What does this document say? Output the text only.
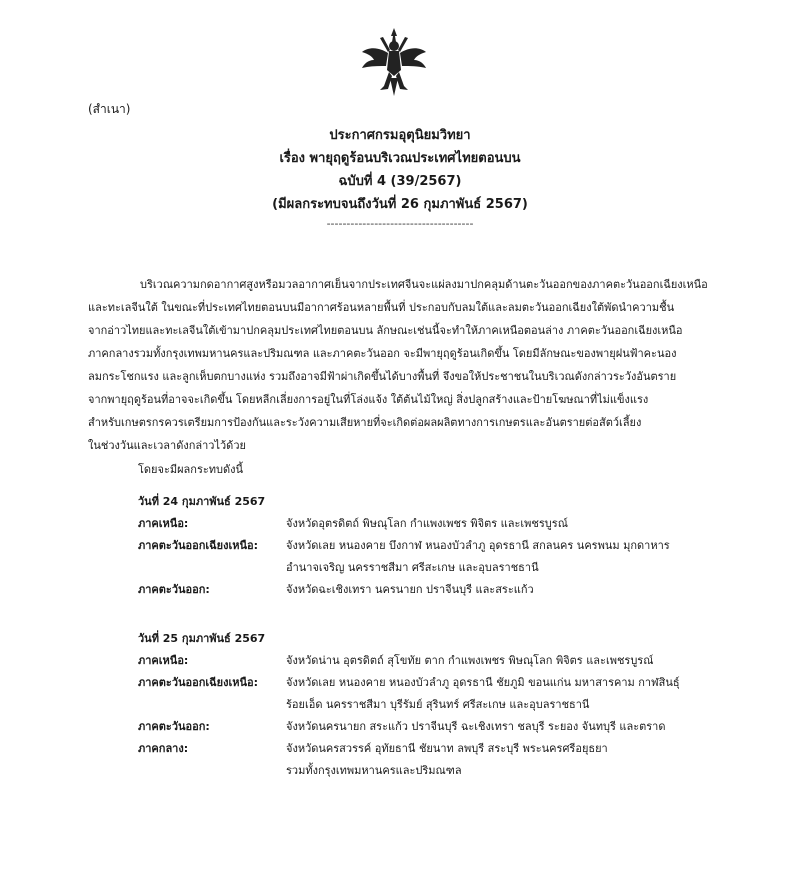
(สำเนา)
ประกาศกรมอุตุนิยมวิทยา
เรื่อง พายุฤดูร้อนบริเวณประเทศไทยตอนบน
ฉบับที่ 4 (39/2567)
(มีผลกระทบจนถึงวันที่ 26 กุมภาพันธ์ 2567)
-------------------------------------
บริเวณความกดอากาศสูงหรือมวลอากาศเย็นจากประเทศจีนจะแผ่ลงมาปกคลุมด้านตะวันออกของภาคตะวันออกเฉียงเหนือ
และทะเลจีนใต้ ในขณะที่ประเทศไทยตอนบนมีอากาศร้อนหลายพื้นที่ ประกอบกับลมใต้และลมตะวันออกเฉียงใต้พัดนำความชื้น
จากอ่าวไทยและทะเลจีนใต้เข้ามาปกคลุมประเทศไทยตอนบน ลักษณะเช่นนี้จะทำให้ภาคเหนือตอนล่าง ภาคตะวันออกเฉียงเหนือ
ภาคกลางรวมทั้งกรุงเทพมหานครและปริมณฑล และภาคตะวันออก จะมีพายุฤดูร้อนเกิดขึ้น โดยมีลักษณะของพายุฝนฟ้าคะนอง
ลมกระโชกแรง และลูกเห็บตกบางแห่ง รวมถึงอาจมีฟ้าผ่าเกิดขึ้นได้บางพื้นที่ จึงขอให้ประชาชนในบริเวณดังกล่าวระวังอันตราย
จากพายุฤดูร้อนที่อาจจะเกิดขึ้น โดยหลีกเลี่ยงการอยู่ในที่โล่งแจ้ง ใต้ต้นไม้ใหญ่ สิ่งปลูกสร้างและป้ายโฆษณาที่ไม่แข็งแรง
สำหรับเกษตรกรควรเตรียมการป้องกันและระวังความเสียหายที่จะเกิดต่อผลผลิตทางการเกษตรและอันตรายต่อสัตว์เลี้ยง
ในช่วงวันและเวลาดังกล่าวไว้ด้วย
โดยจะมีผลกระทบดังนี้
วันที่ 24 กุมภาพันธ์ 2567
ภาคเหนือ:	จังหวัดอุตรดิตถ์ พิษณุโลก กำแพงเพชร พิจิตร และเพชรบูรณ์
ภาคตะวันออกเฉียงเหนือ:	จังหวัดเลย หนองคาย บึงกาฬ หนองบัวลำภู อุดรธานี สกลนคร นครพนม มุกดาหาร
อำนาจเจริญ นครราชสีมา ศรีสะเกษ และอุบลราชธานี
ภาคตะวันออก:	จังหวัดฉะเชิงเทรา นครนายก ปราจีนบุรี และสระแก้ว
วันที่ 25 กุมภาพันธ์ 2567
ภาคเหนือ:	จังหวัดน่าน อุตรดิตถ์ สุโขทัย ตาก กำแพงเพชร พิษณุโลก พิจิตร และเพชรบูรณ์
ภาคตะวันออกเฉียงเหนือ:	จังหวัดเลย หนองคาย หนองบัวลำภู อุดรธานี ชัยภูมิ ขอนแก่น มหาสารคาม กาฬสินธุ์
ร้อยเอ็ด นครราชสีมา บุรีรัมย์ สุรินทร์ ศรีสะเกษ และอุบลราชธานี
ภาคตะวันออก:	จังหวัดนครนายก สระแก้ว ปราจีนบุรี ฉะเชิงเทรา ชลบุรี ระยอง จันทบุรี และตราด
ภาคกลาง:	จังหวัดนครสวรรค์ อุทัยธานี ชัยนาท ลพบุรี สระบุรี พระนครศรีอยุธยา
รวมทั้งกรุงเทพมหานครและปริมณฑล
